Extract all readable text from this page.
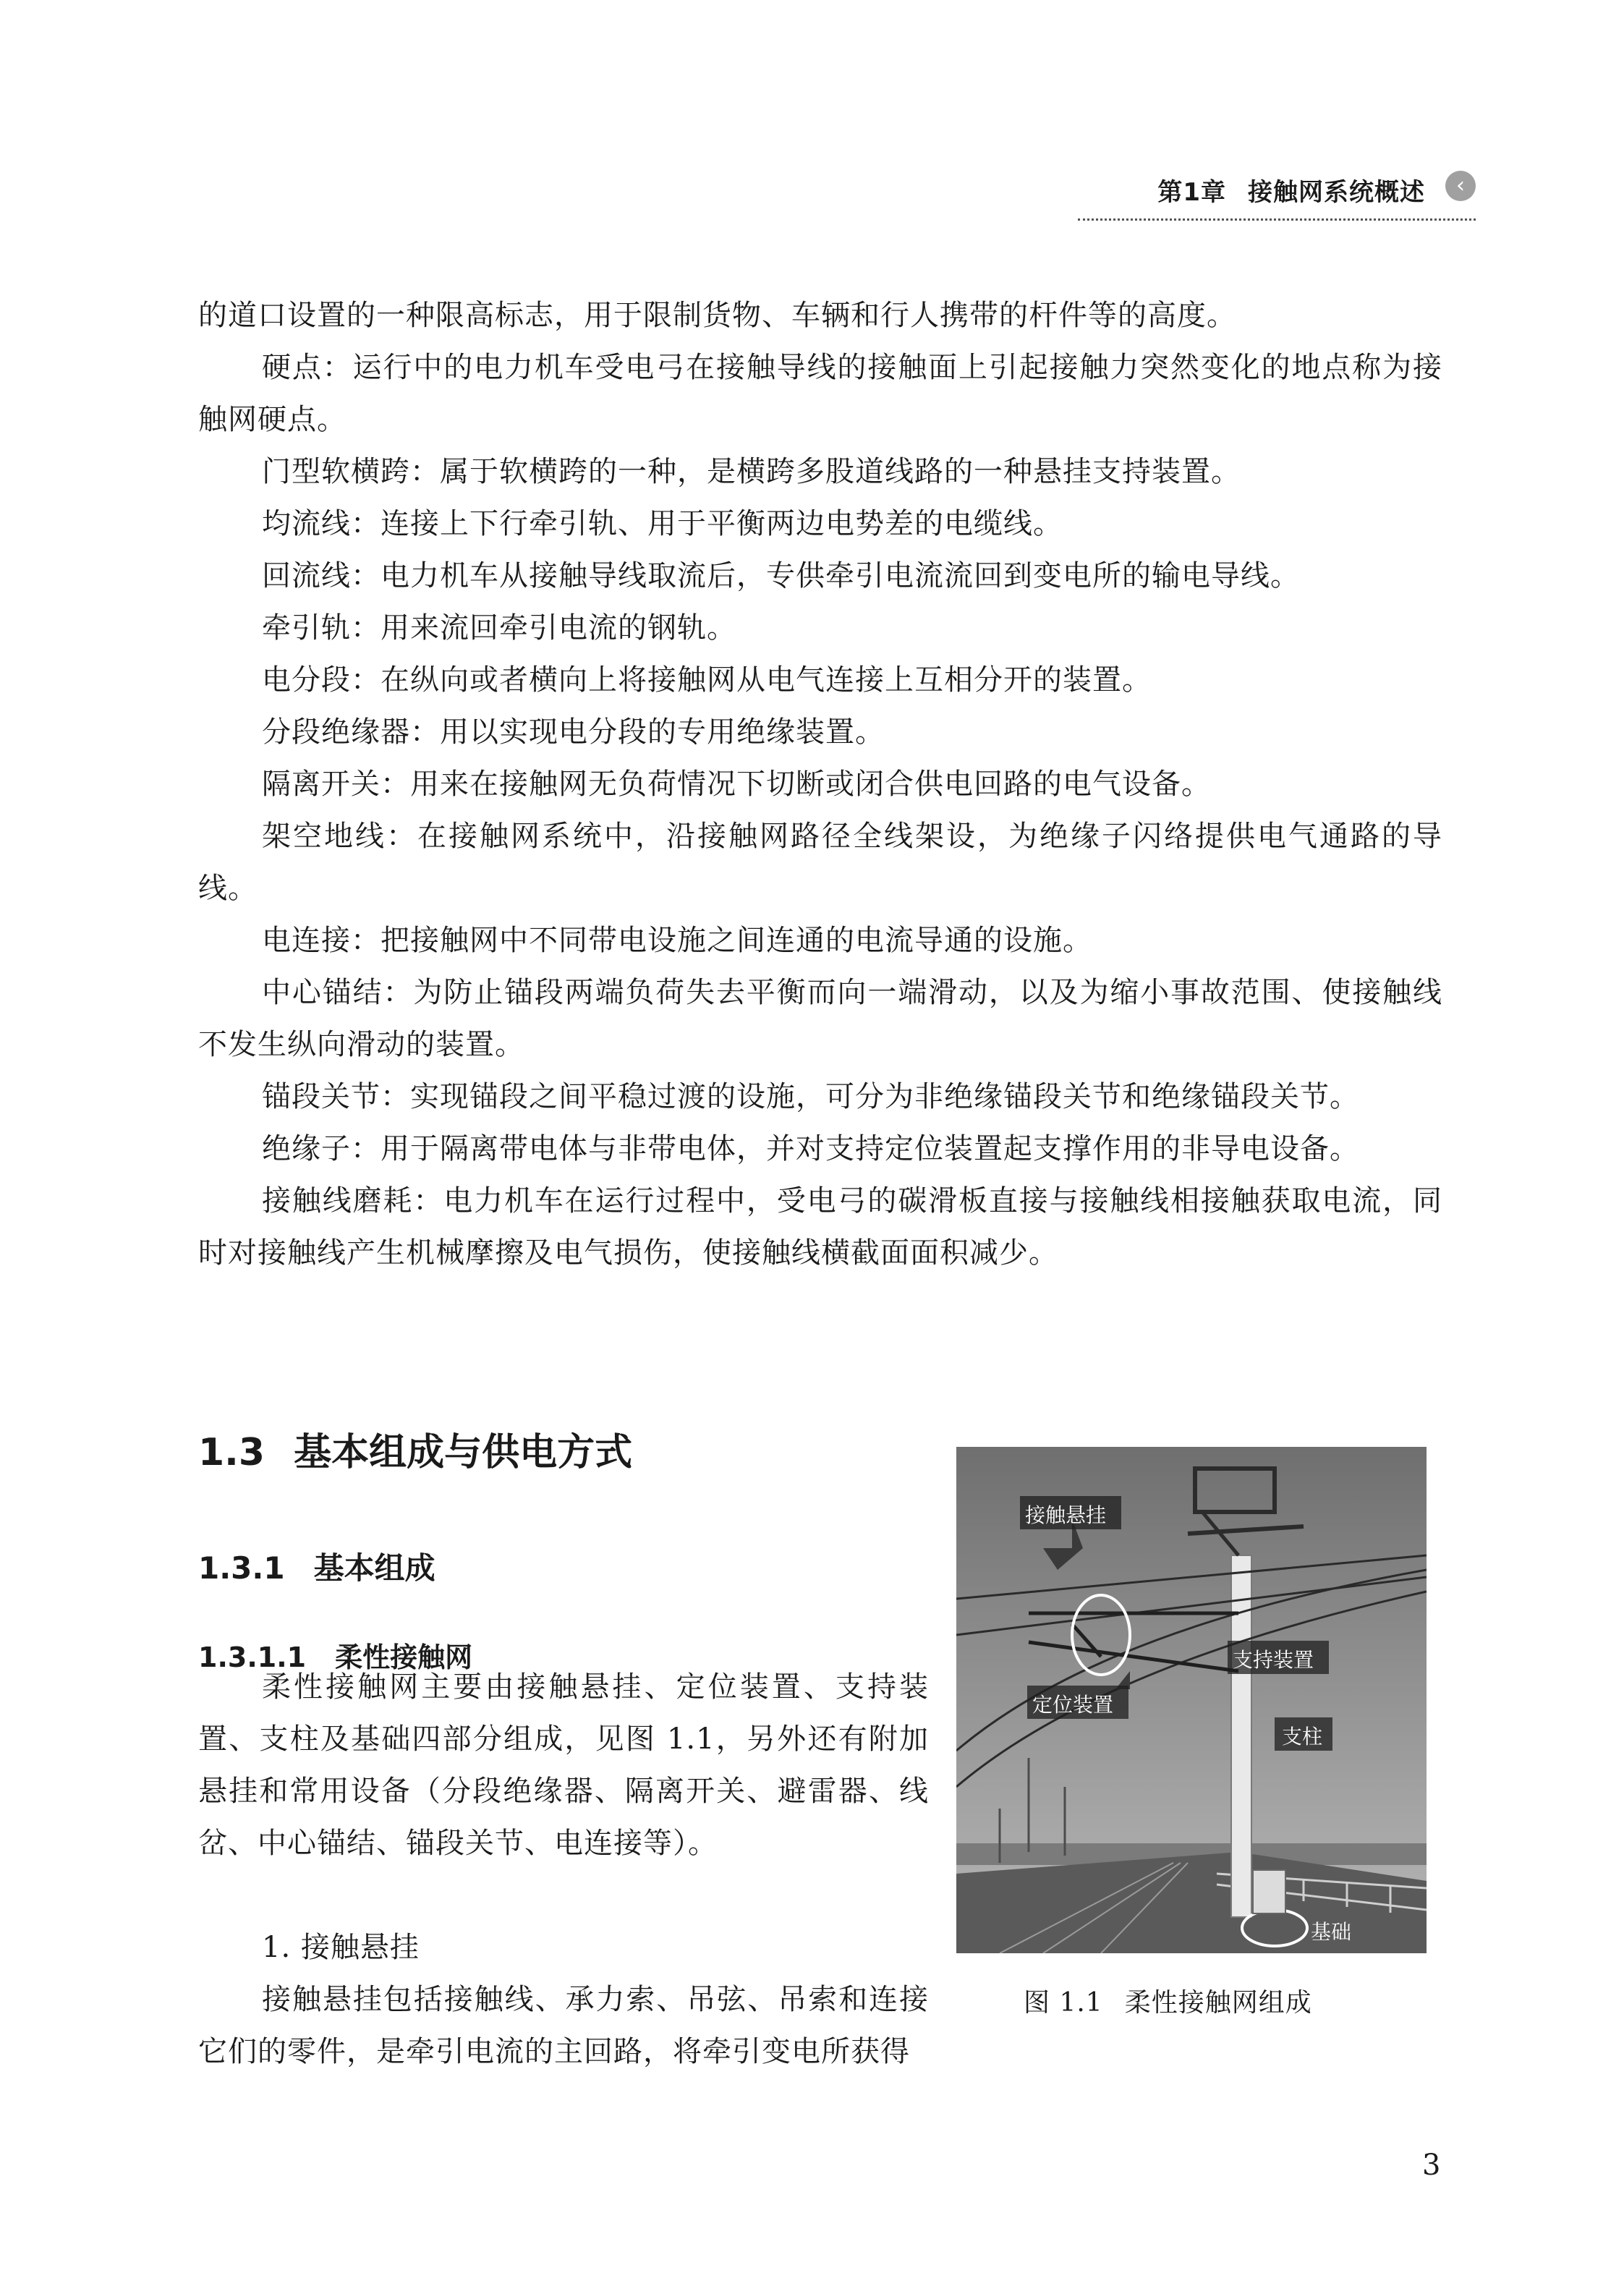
第1章 接触网系统概述	‹

的道口设置的一种限高标志，用于限制货物、车辆和行人携带的杆件等的高度。

硬点：运行中的电力机车受电弓在接触导线的接触面上引起接触力突然变化的地点称为接触网硬点。

门型软横跨：属于软横跨的一种，是横跨多股道线路的一种悬挂支持装置。

均流线：连接上下行牵引轨、用于平衡两边电势差的电缆线。

回流线：电力机车从接触导线取流后，专供牵引电流流回到变电所的输电导线。

牵引轨：用来流回牵引电流的钢轨。

电分段：在纵向或者横向上将接触网从电气连接上互相分开的装置。

分段绝缘器：用以实现电分段的专用绝缘装置。

隔离开关：用来在接触网无负荷情况下切断或闭合供电回路的电气设备。

架空地线：在接触网系统中，沿接触网路径全线架设，为绝缘子闪络提供电气通路的导线。

电连接：把接触网中不同带电设施之间连通的电流导通的设施。

中心锚结：为防止锚段两端负荷失去平衡而向一端滑动，以及为缩小事故范围、使接触线不发生纵向滑动的装置。

锚段关节：实现锚段之间平稳过渡的设施，可分为非绝缘锚段关节和绝缘锚段关节。

绝缘子：用于隔离带电体与非带电体，并对支持定位装置起支撑作用的非导电设备。

接触线磨耗：电力机车在运行过程中，受电弓的碳滑板直接与接触线相接触获取电流，同时对接触线产生机械摩擦及电气损伤，使接触线横截面面积减少。

1.3 基本组成与供电方式
1.3.1 基本组成
1.3.1.1 柔性接触网

柔性接触网主要由接触悬挂、定位装置、支持装置、支柱及基础四部分组成，见图 1.1，另外还有附加悬挂和常用设备（分段绝缘器、隔离开关、避雷器、线岔、中心锚结、锚段关节、电连接等）。

1. 接触悬挂

接触悬挂包括接触线、承力索、吊弦、吊索和连接它们的零件，是牵引电流的主回路，将牵引变电所获得

接触悬挂
支持装置
定位装置
支柱
基础

图 1.1 柔性接触网组成

3
